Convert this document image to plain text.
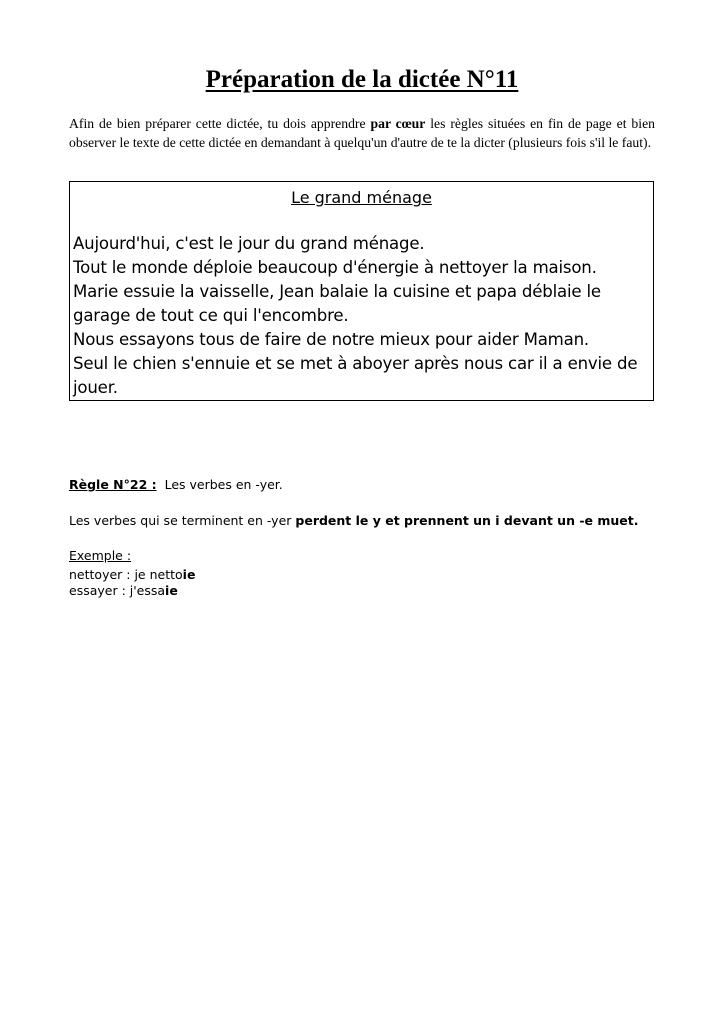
Préparation de la dictée N°11

Afin de bien préparer cette dictée, tu dois apprendre par cœur les règles situées en fin de page et bien observer le texte de cette dictée en demandant à quelqu'un d'autre de te la dicter (plusieurs fois s'il le faut).

Le grand ménage
Aujourd'hui, c'est le jour du grand ménage.
Tout le monde déploie beaucoup d'énergie à nettoyer la maison.
Marie essuie la vaisselle, Jean balaie la cuisine et papa déblaie le garage de tout ce qui l'encombre.
Nous essayons tous de faire de notre mieux pour aider Maman.
Seul le chien s'ennuie et se met à aboyer après nous car il a envie de jouer.

Règle N°22 : Les verbes en -yer.

Les verbes qui se terminent en -yer perdent le y et prennent un i devant un -e muet.

Exemple :

nettoyer : je nettoie

essayer : j'essaie
